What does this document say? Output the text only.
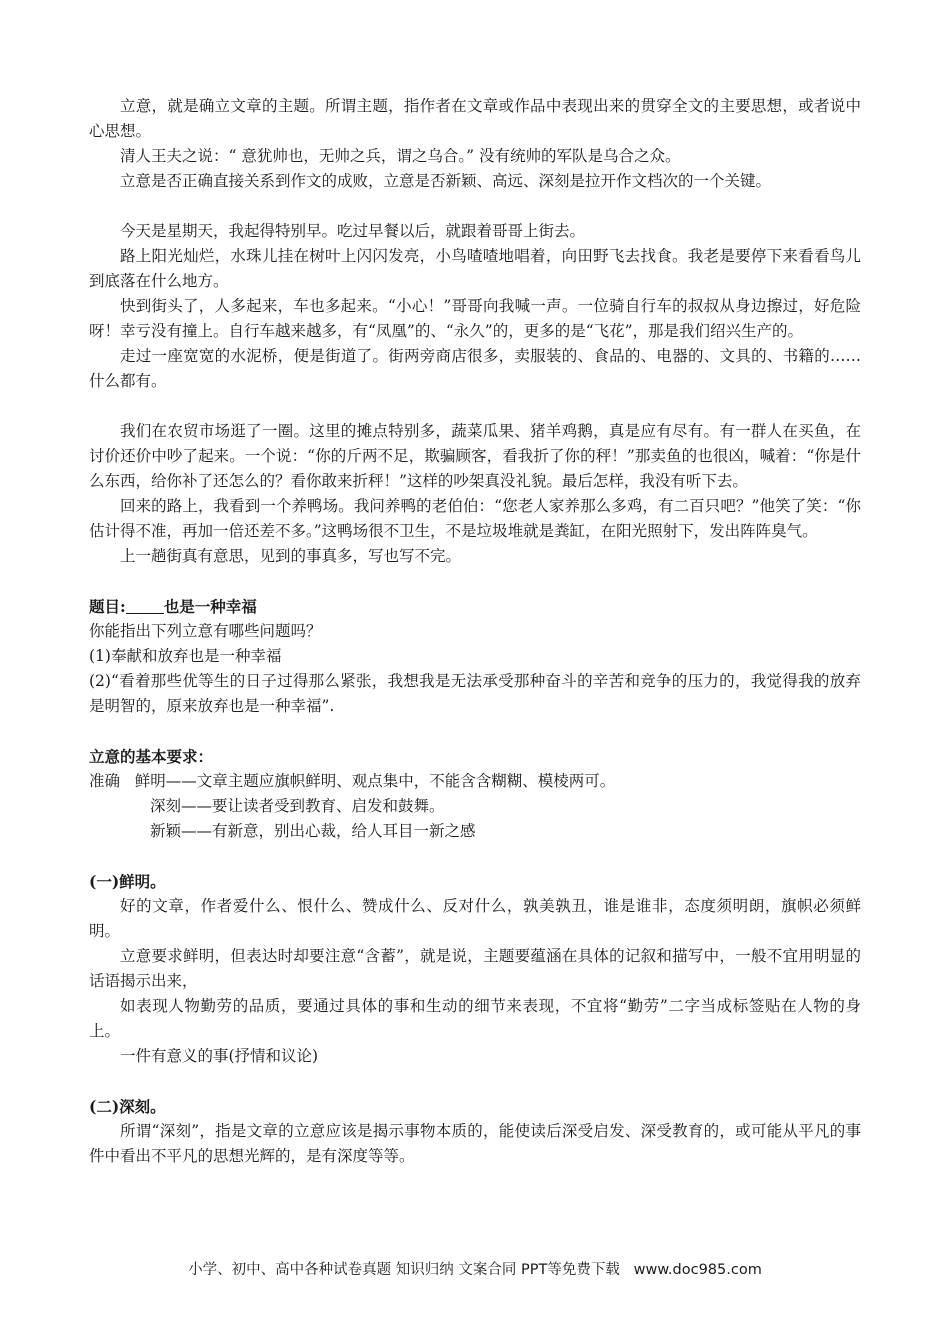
立意，就是确立文章的主题。所谓主题，指作者在文章或作品中表现出来的贯穿全文的主要思想，或者说中心思想。

清人王夫之说：“ 意犹帅也，无帅之兵，谓之乌合。” 没有统帅的军队是乌合之众。

立意是否正确直接关系到作文的成败，立意是否新颖、高远、深刻是拉开作文档次的一个关键。

今天是星期天，我起得特别早。吃过早餐以后，就跟着哥哥上街去。

路上阳光灿烂，水珠儿挂在树叶上闪闪发亮，小鸟喳喳地唱着，向田野飞去找食。我老是要停下来看看鸟儿到底落在什么地方。

快到街头了，人多起来，车也多起来。“小心！”哥哥向我喊一声。一位骑自行车的叔叔从身边擦过，好危险呀！幸亏没有撞上。自行车越来越多，有“凤凰”的、“永久”的，更多的是“飞花”，那是我们绍兴生产的。

走过一座宽宽的水泥桥，便是街道了。街两旁商店很多，卖服装的、食品的、电器的、文具的、书籍的……什么都有。

我们在农贸市场逛了一圈。这里的摊点特别多，蔬菜瓜果、猪羊鸡鹅，真是应有尽有。有一群人在买鱼，在讨价还价中吵了起来。一个说：“你的斤两不足，欺骗顾客，看我折了你的秤！”那卖鱼的也很凶，喊着：“你是什么东西，给你补了还怎么的？看你敢来折秤！”这样的吵架真没礼貌。最后怎样，我没有听下去。

回来的路上，我看到一个养鸭场。我问养鸭的老伯伯：“您老人家养那么多鸡，有二百只吧？”他笑了笑：“你估计得不准，再加一倍还差不多。”这鸭场很不卫生，不是垃圾堆就是粪缸，在阳光照射下，发出阵阵臭气。

上一趟街真有意思，见到的事真多，写也写不完。

题目: 也是一种幸福

你能指出下列立意有哪些问题吗？

(1)奉献和放弃也是一种幸福

(2)“看着那些优等生的日子过得那么紧张，我想我是无法承受那种奋斗的辛苦和竞争的压力的，我觉得我的放弃是明智的，原来放弃也是一种幸福”.

立意的基本要求：

准确   鲜明——文章主题应旗帜鲜明、观点集中，不能含含糊糊、模棱两可。

深刻——要让读者受到教育、启发和鼓舞。

新颖——有新意，别出心裁，给人耳目一新之感

(一)鲜明。

好的文章，作者爱什么、恨什么、赞成什么、反对什么，孰美孰丑，谁是谁非，态度须明朗，旗帜必须鲜明。

立意要求鲜明，但表达时却要注意“含蓄”，就是说，主题要蕴涵在具体的记叙和描写中，一般不宜用明显的话语揭示出来，

如表现人物勤劳的品质，要通过具体的事和生动的细节来表现，不宜将“勤劳”二字当成标签贴在人物的身上。

一件有意义的事(抒情和议论)

(二)深刻。

所谓“深刻”，指是文章的立意应该是揭示事物本质的，能使读后深受启发、深受教育的，或可能从平凡的事件中看出不平凡的思想光辉的，是有深度等等。

小学、初中、高中各种试卷真题 知识归纳 文案合同 PPT等免费下载   www.doc985.com
